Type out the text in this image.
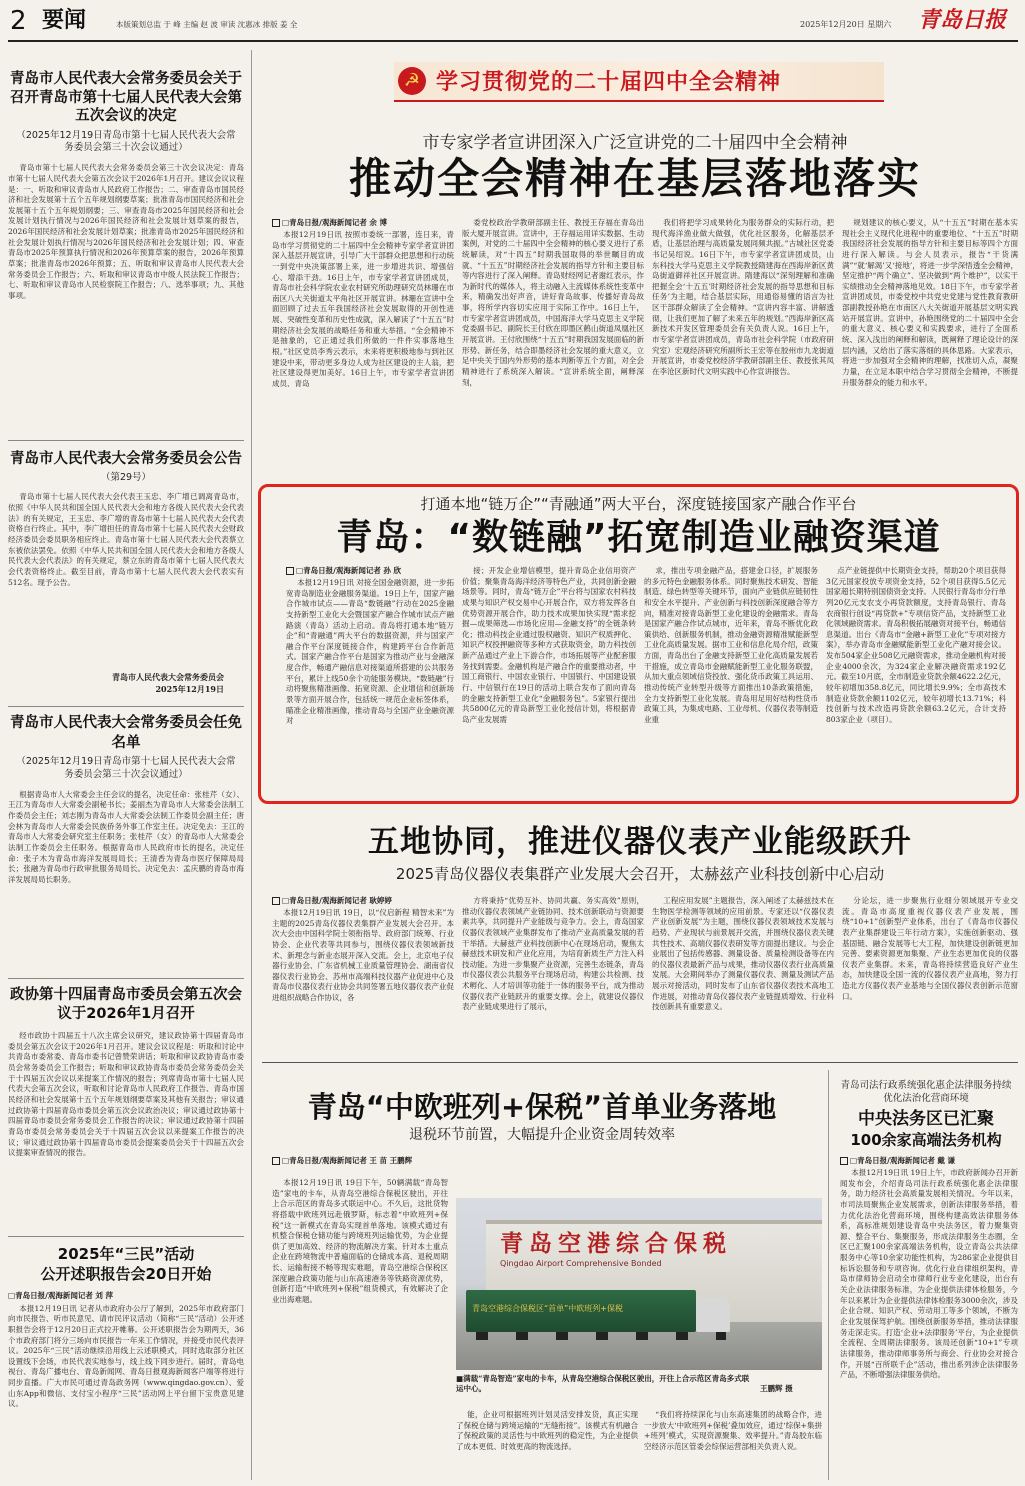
2 要闻	本版策划总监 于 峰 主编 赵 波 审读 沈惠冰 排版 姜 全	2025年12月20日 星期六 青岛日报
青岛市人民代表大会常务委员会关于召开青岛市第十七届人民代表大会第五次会议的决定
（2025年12月19日青岛市第十七届人民代表大会常务委员会第三十次会议通过）

青岛市第十七届人民代表大会常务委员会第三十次会议决定：青岛市第十七届人民代表大会第五次会议于2026年1月召开。建议会议议程是：一、听取和审议青岛市人民政府工作报告；二、审查青岛市国民经济和社会发展第十五个五年规划纲要草案；批准青岛市国民经济和社会发展第十五个五年规划纲要；三、审查青岛市2025年国民经济和社会发展计划执行情况与2026年国民经济和社会发展计划草案的报告，2026年国民经济和社会发展计划草案；批准青岛市2025年国民经济和社会发展计划执行情况与2026年国民经济和社会发展计划；四、审查青岛市2025年预算执行情况和2026年预算草案的报告，2026年预算草案；批准青岛市2026年预算；五、听取和审议青岛市人民代表大会常务委员会工作报告；六、听取和审议青岛市中级人民法院工作报告；七、听取和审议青岛市人民检察院工作报告；八、选举事项；九、其他事项。

青岛市人民代表大会常务委员会公告
（第29号）

青岛市第十七届人民代表大会代表王玉忠、李广增已调离青岛市，依照《中华人民共和国全国人民代表大会和地方各级人民代表大会代表法》的有关规定，王玉忠、李广增的青岛市第十七届人民代表大会代表资格自行终止。其中，李广增担任的青岛市第十七届人民代表大会财政经济委员会委员职务相应终止。青岛市第十七届人民代表大会代表蔡立东被依法罢免。依照《中华人民共和国全国人民代表大会和地方各级人民代表大会代表法》的有关规定，蔡立东的青岛市第十七届人民代表大会代表资格终止。截至目前，青岛市第十七届人民代表大会代表实有512名。现予公告。

青岛市人民代表大会常务委员会
2025年12月19日
青岛市人民代表大会常务委员会任免名单
（2025年12月19日青岛市第十七届人民代表大会常务委员会第三十次会议通过）

根据青岛市人大常委会主任会议的提名，决定任命：张桂芹（女）、王江为青岛市人大常委会副秘书长；姜丽杰为青岛市人大常委会法制工作委员会主任；刘志刚为青岛市人大常委会法制工作委员会副主任；唐会林为青岛市人大常委会民族侨务外事工作室主任。决定免去：王江的青岛市人大常委会研究室主任职务；张桂芹（女）的青岛市人大常委会法制工作委员会主任职务。根据青岛市人民政府市长的提名，决定任命：张子木为青岛市海洋发展局局长；王清香为青岛市医疗保障局局长；张融为青岛市行政审批服务局局长。决定免去：孟庆鹏的青岛市海洋发展局局长职务。

政协第十四届青岛市委员会第五次会议于2026年1月召开

经市政协十四届五十八次主席会议研究，建议政协第十四届青岛市委员会第五次会议于2026年1月召开。建议会议议程是：听取和讨论中共青岛市委常委、青岛市委书记曾赞荣讲话；听取和审议政协青岛市委员会常务委员会工作报告；听取和审议政协青岛市委员会常务委员会关于十四届五次会议以来提案工作情况的报告；列席青岛市第十七届人民代表大会第五次会议，听取和讨论青岛市人民政府工作报告、青岛市国民经济和社会发展第十五个五年规划纲要草案及其他有关报告；审议通过政协第十四届青岛市委员会第五次会议政治决议；审议通过政协第十四届青岛市委员会常务委员会工作报告的决议；审议通过政协第十四届青岛市委员会常务委员会关于十四届五次会议以来提案工作报告的决议；审议通过政协第十四届青岛市委员会提案委员会关于十四届五次会议提案审查情况的报告。

2025年“三民”活动
公开述职报告会20日开始
□青岛日报/观海新闻记者 刘 萍

本报12月19日讯 记者从市政府办公厅了解到，2025年市政府部门向市民报告、听市民意见、请市民评议活动（简称“三民”活动）公开述职报告会将于12月20日正式拉开帷幕。公开述职报告会为期两天，36个市政府部门将分三场向市民报告一年来工作情况，并接受市民代表评议。2025年“三民”活动继续沿用线上云述职模式，同时选取部分社区设置线下会场，市民代表实地参与，线上线下同步进行。届时，青岛电视台、青岛广播电台、青岛新闻网、青岛日报观海新闻客户端等将进行同步直播。广大市民可通过青岛政务网（www.qingdao.gov.cn）、爱山东App和微信、支付宝小程序“三民”活动网上平台留下宝贵意见建议。

☭ 学习贯彻党的二十届四中全会精神
市专家学者宣讲团深入广泛宣讲党的二十届四中全会精神
推动全会精神在基层落地落实
□青岛日报/观海新闻记者 余 博

本报12月19日讯 按照市委统一部署，连日来，青岛市学习贯彻党的二十届四中全会精神专家学者宣讲团深入基层开展宣讲，引导广大干部群众把思想和行动统一到党中央决策部署上来，进一步增进共识、增强信心、增添干劲。16日上午，市专家学者宣讲团成员，青岛市社会科学院农业农村研究所助理研究员林珊在市南区八大关街道太平角社区开展宣讲。林珊在宣讲中全面回顾了过去五年我国经济社会发展取得的开创性进展、突破性变革和历史性成就，深入解读了“十五五”时期经济社会发展的战略任务和重大举措。“全会精神不是抽象的，它正通过我们所做的一件件实事落地生根。”社区党员李秀云表示，未来将更积极地参与到社区建设中来，带动更多身边人成为社区建设的主人翁，把社区建设得更加美好。16日上午，市专家学者宣讲团成员、青岛

委党校政治学教研部副主任、教授王存福在青岛出版大厦开展宣讲。宣讲中，王存福运用详实数据、生动案例，对党的二十届四中全会精神的核心要义进行了系统解读，对“十四五”时期我国取得的举世瞩目的成就、“十五五”时期经济社会发展的指导方针和主要目标等内容进行了深入阐释。青岛财经网记者谢红表示，作为新时代的媒体人，将主动融入主流媒体系统性变革中来，精确发出好声音，讲好青岛故事、传播好青岛故事，将所学内容切实应用于实际工作中。16日上午，市专家学者宣讲团成员，中国海洋大学马克思主义学院党委副书记、副院长王付欣在即墨区鹤山街道凤凰社区开展宣讲。王付欣围绕“十五五”时期我国发展面临的新形势、新任务，结合即墨经济社会发展的重大意义，立足中央关于国内外形势的基本判断等五个方面，对全会精神进行了系统深入解读。“宣讲系统全面，阐释深刻，

我们将把学习成果转化为服务群众的实际行动，把现代海洋渔业做大做强，优化社区服务，化解基层矛盾，让基层治理与高质量发展同频共振。”古城社区党委书记吴绍说。16日下午，市专家学者宣讲团成员，山东科技大学马克思主义学院教授隋建海在西海岸新区黄岛街道御祥社区开展宣讲。隋建海以“深刻理解和准确把握全会‘十五五’时期经济社会发展的指导思想和目标任务’为主题，结合基层实际，用通俗易懂的语言为社区干部群众解读了全会精神。“宣讲内容丰富、讲解透彻，让我们更加了解了未来五年的规划。”西海岸新区高新技术开发区管理委员会有关负责人说。16日上午，市专家学者宣讲团成员，青岛市社会科学院（市政府研究室）宏观经济研究所副所长王宏等在胶州市九龙街道开展宣讲，市委党校经济学教研部副主任、教授张其凤在李沧区新时代文明实践中心作宣讲报告。

规划建议的核心要义，从“十五五”时期在基本实现社会主义现代化进程中的重要地位、“十五五”时期我国经济社会发展的指导方针和主要目标等四个方面进行深入解读。与会人员表示，报告“干货满满”“就‘解渴’又‘接地’，将进一步学深悟透全会精神，坚定推护“两个确立”、坚决做到“两个维护”，以实干实绩推动全会精神落地见效。18日下午，市专家学者宣讲团成员，市委党校中共党史党建与党性教育教研部副教授孙艳在市南区八大关街道开展基层文明实践站开展宣讲。宣讲中，孙艳围绕党的二十届四中全会的重大意义、核心要义和实践要求，进行了全面系统、深入浅出的阐释和解读，既阐释了理论设计的深层内涵，又给出了落实落细的具体思路。大家表示，将进一步加强对全会精神的理解，找准切入点，凝聚力量，在立足本职中结合学习贯彻全会精神，不断提升服务群众的能力和水平。

打通本地“链万企”“青融通”两大平台，深度链接国家产融合作平台
青岛：“数链融”拓宽制造业融资渠道
□青岛日报/观海新闻记者 孙 欣

本报12月19日讯 对接全国金融资源，进一步拓宽青岛制造业金融服务渠道。19日上午，国家产融合作城市试点——青岛“数链融”行动在2025金融支持新型工业化大会暨国家产融合作城市试点产融路演（青岛）活动上启动。青岛将打通本地“链万企”和“青融通”两大平台的数据资源，并与国家产融合作平台深度链接合作，构建跨平台合作新范式。国家产融合作平台是国家为推动产业与金融深度合作，畅通产融信息对接渠道所搭建的公共服务平台，累计上线50余个功能服务模块。“数链融”行动将聚焦精准画像、拓宽资源、企业增信和创新场景等方面开展合作，包括统一规范企业标签体系，瞄准企业精准画像，推动青岛与全国产业金融资源对

接；开发企业增信模型，提升青岛企业信用资产价值；聚集青岛海洋经济等特色产业，共同创新金融场景等。同时，青岛“链万企”平台将与国家农村科技成果与知识产权交易中心开展合作，双方将发挥各自优势资源开展合作，助力技术成果加快实现“需求挖掘—成果筛选—市场化应用—金融支持”的全链条转化；推动科技企业通过股权融资、知识产权质押化、知识产权投押融资等多种方式获取资金，助力科技创新产品通过产业上下游合作，市场拓展等产业配套服务找到需要。金融机构是产融合作的重要推动者，中国工商银行、中国农业银行、中国银行、中国建设银行、中信银行在19日的活动上联合发布了面向青岛的金融支持新型工业化“金融服务包”。5家银行提出共5800亿元的青岛新型工业化授信计划，将根据青岛产业发展需

求，推出专项金融产品，搭建金口径，扩展服务的多元特色金融服务体系。同时聚焦技术研发、智能制造、绿色转型等关键环节，面向产业链供应链韧性和安全水平提升、产业创新与科技创新深度融合等方向，精准对接青岛新型工业化建设的金融需求。青岛是国家产融合作试点城市，近年来，青岛不断优化政策供给、创新服务机制，推动金融资源精准赋能新型工业化高质量发展。据市工业和信息化局介绍，政策方面，青岛出台了金融支持新型工业化高质量发展若干措施，成立青岛市金融赋能新型工业化服务联盟，从加大重点领域信贷投放、强化货币政策工具运用、推动传统产业转型升级等方面推出10条政策措施，全力支持新型工业化发展。青岛用足用好结构性货币政策工具，为集成电路、工业母机、仪器仪表等制造业重

点产业链提供中长期资金支持，帮助20个项目获得3亿元国家投放专项资金支持，52个项目获得5.5亿元国家超长期特别国债资金支持。人民银行青岛市分行单列20亿元支农支小再贷款额度，支持青岛银行、青岛农商银行创设“再贷款+”专项信贷产品，支持新型工业化领域融资需求。青岛积极拓展融资对接平台，畅通信息渠道。出台《青岛市“金融+新型工业化”专项对接方案》，举办青岛市金融赋能新型工业化产融对接会议。发布504家企业508亿元融资需求，推动金融机构对接企业4000余次，为324家企业解决融资需求192亿元。截至10月底，全市制造业贷款余额4622.2亿元，较年初增加358.8亿元，同比增长9.9%；全市高技术制造业贷款余额1102亿元，较年初增长13.71%；科技创新与技术改造再贷款余额63.2亿元，合计支持803家企业（项目）。

五地协同，推进仪器仪表产业能级跃升
2025青岛仪器仪表集群产业发展大会召开，太赫兹产业科技创新中心启动
□青岛日报/观海新闻记者 耿婷婷

本报12月19日讯 19日，以“仪启新程 精智未来”为主题的2025青岛仪器仪表集群产业发展大会召开。本次大会由中国科学院士领衔指导、政府部门统筹、行业协会、企业代表等共同参与，围绕仪器仪表领域新技术、新理念与新业态展开深入交流。会上，北京电子仪器行业协会、广东省机械工业质量管理协会、湖南省仪器仪表行业协会、苏州市高端科技仪器产业促进中心及青岛市仪器仪表行业协会共同签署五地仪器仪表产业促进组织战略合作协议，各

方将秉持“优势互补、协同共赢、务实高效”原则，推动仪器仪表领域产业链协同、技术创新联动与资源要素共享，共同提升产业能级与竞争力。会上，青岛国家仪器仪表领域产业集群发布了推动产业高质量发展的若干举措。大赫兹产业科技创新中心在现场启动，聚焦太赫兹技术研发和产业化应用，为培育新质生产力注入科技动能。为进一步集聚产业资源，完善生态链条，青岛市仪器仪表公共服务平台现场启动，构建公共检测、技术孵化、人才培训等功能于一体的服务平台，成为推动仪器仪表产业链跃升的重要支撑。会上，就建设仪器仪表产业链成果进行了展示，

工程应用发展”主题报告，深入阐述了太赫兹技术在生物医学检测等领域的应用前景。专家还以“仪器仪表产业创新发展”为主题，围绕仪器仪表领域技术发展与趋势、产业现状与前景展开交流，并围绕仪器仪表关键共性技术、高端仪器仪表研发等方面提出建议。与会企业展出了包括传感器、测量设备、质量检测设备等在内的仪器仪表最新产品与成果，推动仪器仪表行业高质量发展。大会期间举办了测量仪器仪表、测量及测试产品展示对接活动，同时发布了山东省仪器仪表技术高地工作进展，对推动青岛仪器仪表产业链提质增效、行业科技创新具有重要意义。

分论坛，进一步聚焦行业细分领域展开专业交流。青岛市高度重视仪器仪表产业发展，围绕“10+1”创新型产业体系，出台了《青岛市仪器仪表产业集群建设三年行动方案》，实施创新驱动、强基固链、融合发展等七大工程，加快建设创新链更加完善、要素资源更加集聚、产业生态更加优良的仪器仪表产业集群。未来，青岛将持续营造良好产业生态，加快建设全国一流的仪器仪表产业高地，努力打造北方仪器仪表产业基地与全国仪器仪表创新示范窗口。

青岛“中欧班列+保税”首单业务落地
退税环节前置，大幅提升企业资金周转效率
□青岛日报/观海新闻记者 王 苗 王鹏辉

本报12月19日讯 19日下午，50辆满载“青岛智造”家电的卡车，从青岛空港综合保税区驶出，开往上合示范区的青岛多式联运中心。不久后，这批货物将搭载中欧班列远赴俄罗斯，标志着“中欧班列+保税”这一新模式在青岛实现首单落地。该模式通过有机整合保税仓储功能与跨境班列运输优势，为企业提供了更加高效、经济的物流解决方案。针对本土重点企业在跨境物流中普遍面临的仓储成本高、退税周期长、运输衔接不畅等现实难题，青岛空港综合保税区深度融合政策功能与山东高速港务等铁路资源优势，创新打造“中欧班列+保税”组货模式，有效解决了企业出海难题。

青岛空港综合保税
Qingdao Airport Comprehensive Bonded
青岛空港综合保税区“首单”中欧班列+保税
■满载“青岛智造”家电的卡车，从青岛空港综合保税区驶出，开往上合示范区青岛多式联运中心。	王鹏辉 摄

能，企业可根据班列计划灵活安排发货，真正实现了保税仓储与跨境运输的“无缝衔接”。该模式有机融合了保税政策的灵活性与中欧班列的稳定性，为企业提供了成本更低、时效更高的物流选择。

“我们将持续深化与山东高速集团的战略合作，进一步放大‘中欧班列+保税’叠加效应，通过‘综保+集拼+班列’模式，实现资源聚集、效率提升。”青岛胶东临空经济示范区管委会综保运营部相关负责人说。

青岛司法行政系统强化惠企法律服务持续优化法治化营商环境
中央法务区已汇聚
100余家高端法务机构
□青岛日报/观海新闻记者 戴 谦

本报12月19日讯 19日上午，市政府新闻办召开新闻发布会，介绍青岛司法行政系统强化惠企法律服务，助力经济社会高质量发展相关情况。今年以来，市司法局聚焦企业发展需求，创新法律服务举措，着力优化法治化营商环境，围绕构建高效法律服务体系，高标准规划建设青岛中央法务区，着力聚集资源、整合平台、集聚服务，形成法律服务生态圈，全区已汇聚100余家高端法务机构，设立青岛公共法律服务中心等10余家功能性机构，为286家企业提供目标诉讼服务和专项咨询。优化行业自律组织架构，青岛市律师协会启动全市律师行业专业化建设，出台有关企业法律服务标准，为企业提供法律体检服务，今年以来累计为企业提供法律体检服务3000余次，涉及企业合规、知识产权、劳动用工等多个领域，不断为企业发展保驾护航。围绕创新服务举措，推动法律服务走深走实。打造‘企业+法律服务’平台，为企业提供全流程、全周期法律服务。该局还创新“10+1”专项法律服务，推动律师事务所与商会、行业协会对接合作，开展“百所联千企”活动，推出系列涉企法律服务产品，不断增强法律服务供给。
